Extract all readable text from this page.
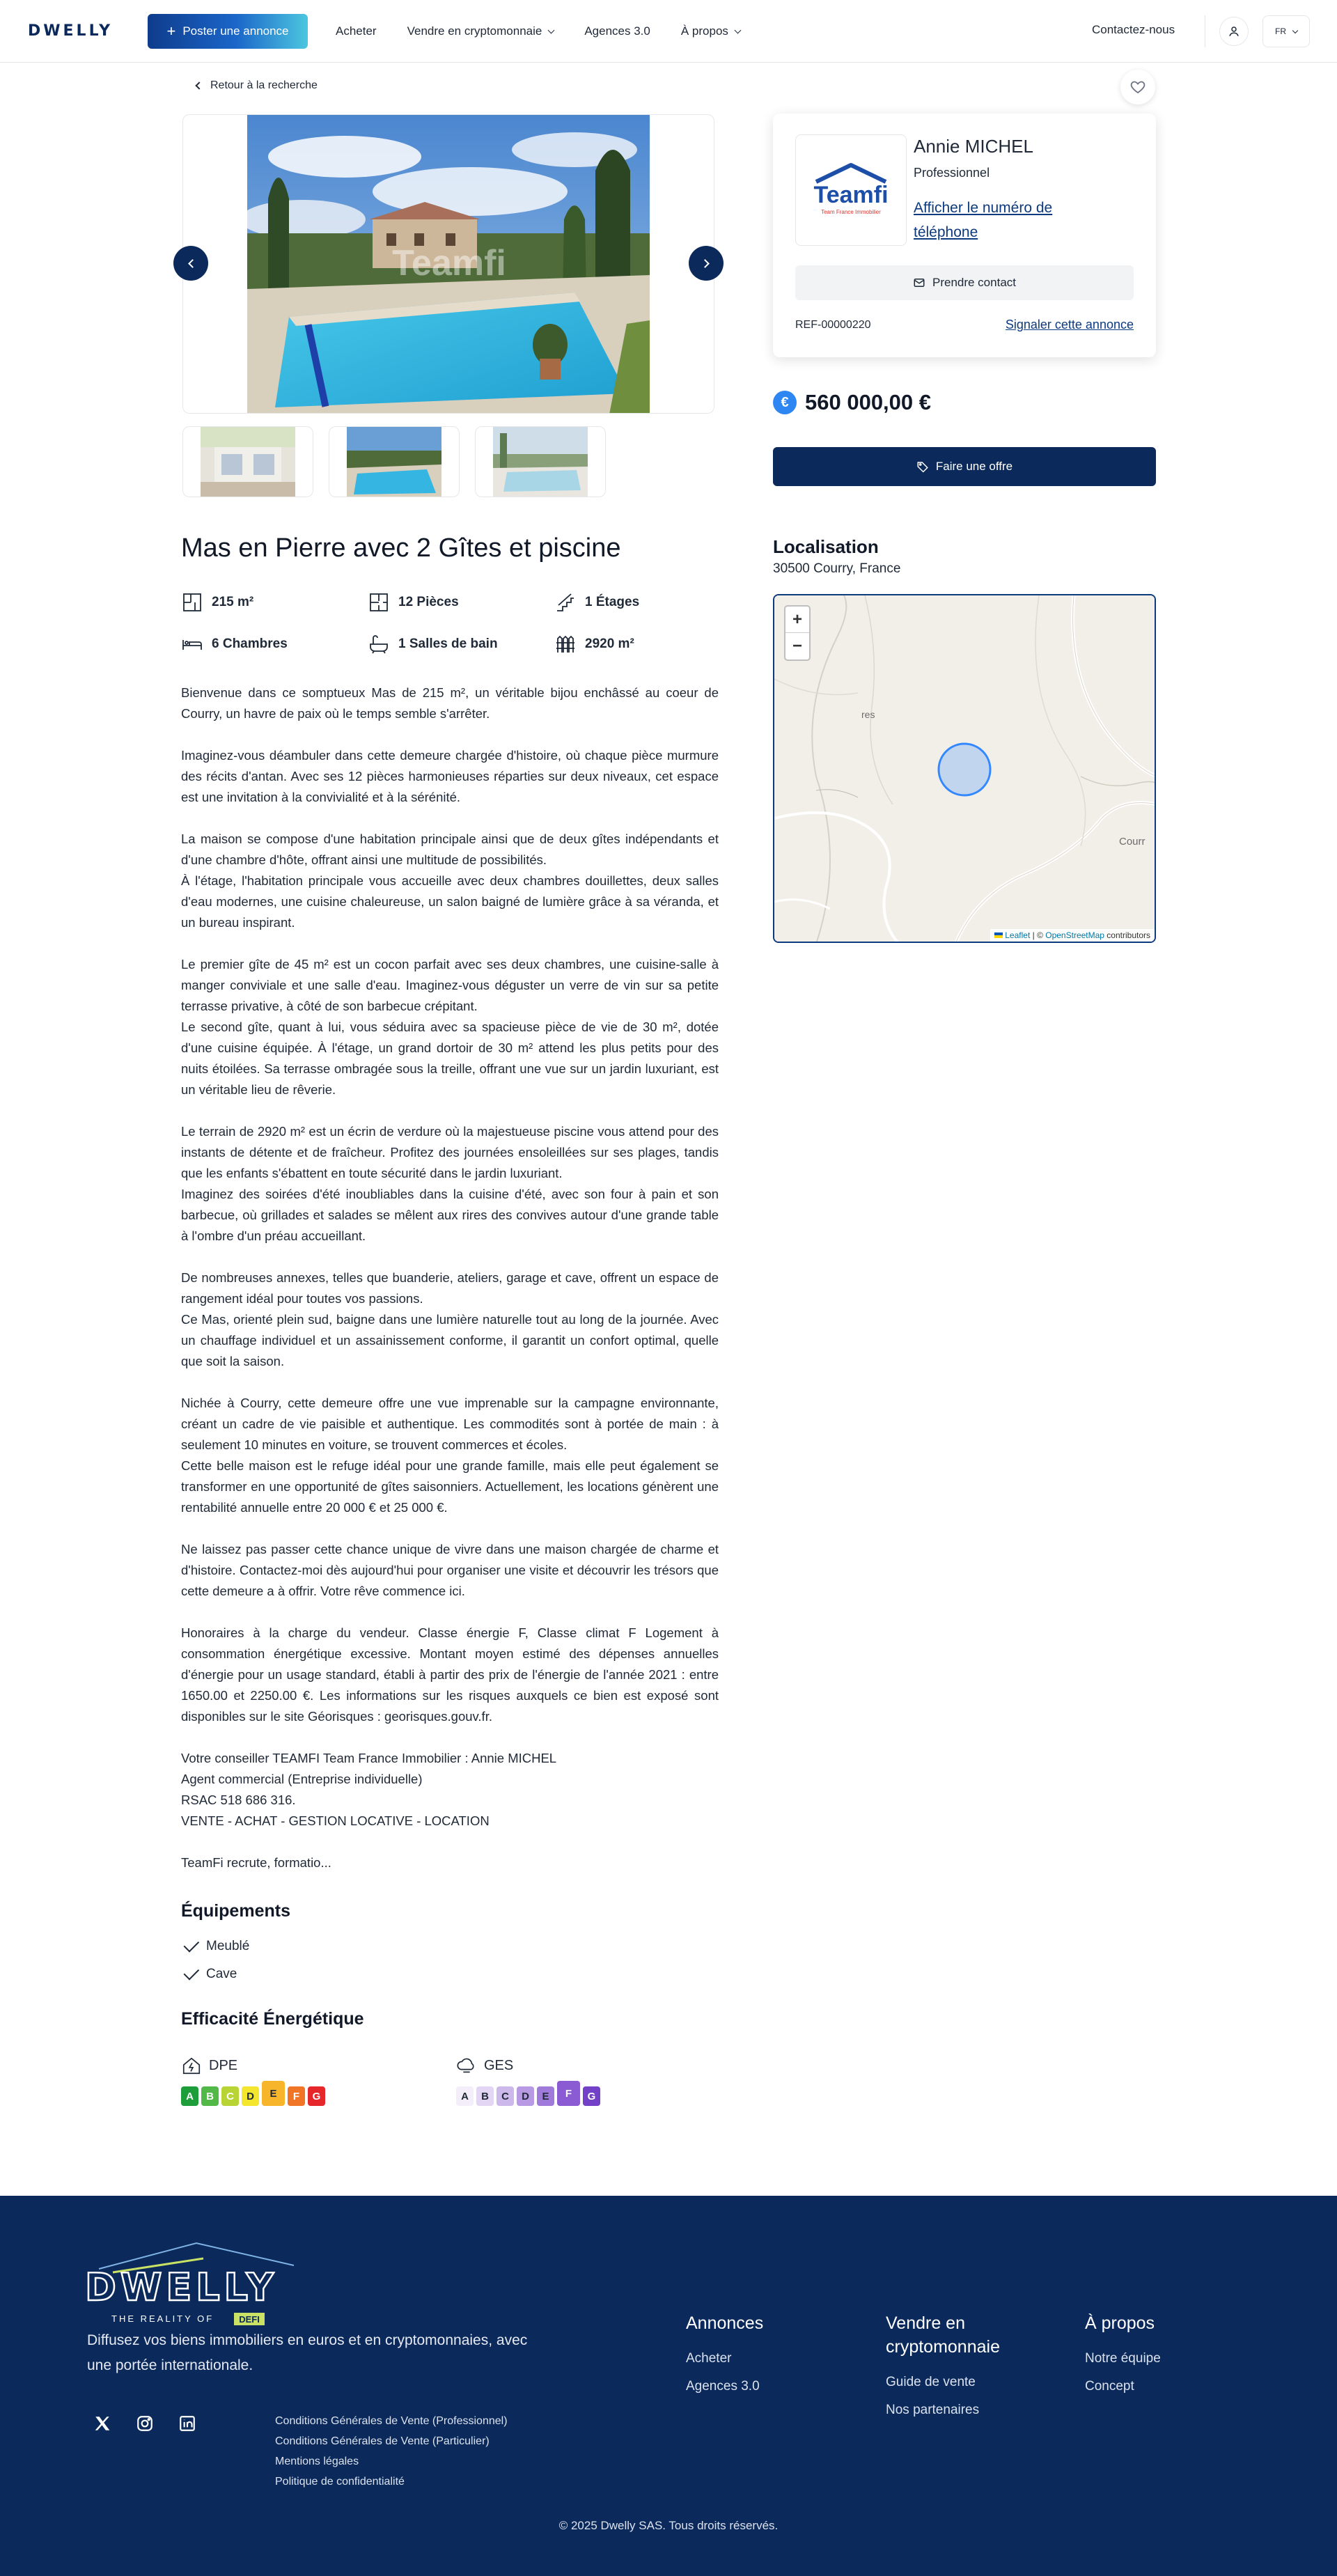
DWELLY	+ Poster une annonce	Acheter	Vendre en cryptomonnaie	Agences 3.0	À propos	Contactez-nous	FR
Retour à la recherche
Teamfi
Teamfi
Team France Immobilier
Annie MICHEL
Professionnel
Afficher le numéro de téléphone
Prendre contact
REF-00000220	Signaler cette annonce
€ 560 000,00 €
Faire une offre
Mas en Pierre avec 2 Gîtes et piscine
215 m²	12 Pièces	1 Étages
6 Chambres	1 Salles de bain	2920 m²

Bienvenue dans ce somptueux Mas de 215 m², un véritable bijou enchâssé au coeur de Courry, un havre de paix où le temps semble s'arrêter.

Imaginez-vous déambuler dans cette demeure chargée d'histoire, où chaque pièce murmure des récits d'antan. Avec ses 12 pièces harmonieuses réparties sur deux niveaux, cet espace est une invitation à la convivialité et à la sérénité.

La maison se compose d'une habitation principale ainsi que de deux gîtes indépendants et d'une chambre d'hôte, offrant ainsi une multitude de possibilités.
À l'étage, l'habitation principale vous accueille avec deux chambres douillettes, deux salles d'eau modernes, une cuisine chaleureuse, un salon baigné de lumière grâce à sa véranda, et un bureau inspirant.

Le premier gîte de 45 m² est un cocon parfait avec ses deux chambres, une cuisine-salle à manger conviviale et une salle d'eau. Imaginez-vous déguster un verre de vin sur sa petite terrasse privative, à côté de son barbecue crépitant.
Le second gîte, quant à lui, vous séduira avec sa spacieuse pièce de vie de 30 m², dotée d'une cuisine équipée. À l'étage, un grand dortoir de 30 m² attend les plus petits pour des nuits étoilées. Sa terrasse ombragée sous la treille, offrant une vue sur un jardin luxuriant, est un véritable lieu de rêverie.

Le terrain de 2920 m² est un écrin de verdure où la majestueuse piscine vous attend pour des instants de détente et de fraîcheur. Profitez des journées ensoleillées sur ses plages, tandis que les enfants s'ébattent en toute sécurité dans le jardin luxuriant.
Imaginez des soirées d'été inoubliables dans la cuisine d'été, avec son four à pain et son barbecue, où grillades et salades se mêlent aux rires des convives autour d'une grande table à l'ombre d'un préau accueillant.

De nombreuses annexes, telles que buanderie, ateliers, garage et cave, offrent un espace de rangement idéal pour toutes vos passions.
Ce Mas, orienté plein sud, baigne dans une lumière naturelle tout au long de la journée. Avec un chauffage individuel et un assainissement conforme, il garantit un confort optimal, quelle que soit la saison.

Nichée à Courry, cette demeure offre une vue imprenable sur la campagne environnante, créant un cadre de vie paisible et authentique. Les commodités sont à portée de main : à seulement 10 minutes en voiture, se trouvent commerces et écoles.
Cette belle maison est le refuge idéal pour une grande famille, mais elle peut également se transformer en une opportunité de gîtes saisonniers. Actuellement, les locations génèrent une rentabilité annuelle entre 20 000 € et 25 000 €.

Ne laissez pas passer cette chance unique de vivre dans une maison chargée de charme et d'histoire. Contactez-moi dès aujourd'hui pour organiser une visite et découvrir les trésors que cette demeure a à offrir. Votre rêve commence ici.

Honoraires à la charge du vendeur. Classe énergie F, Classe climat F Logement à consommation énergétique excessive. Montant moyen estimé des dépenses annuelles d'énergie pour un usage standard, établi à partir des prix de l'énergie de l'année 2021 : entre 1650.00 et 2250.00 €. Les informations sur les risques auxquels ce bien est exposé sont disponibles sur le site Géorisques : georisques.gouv.fr.

Votre conseiller TEAMFI Team France Immobilier : Annie MICHEL
Agent commercial (Entreprise individuelle)
RSAC 518 686 316.
VENTE - ACHAT - GESTION LOCATIVE - LOCATION

TeamFi recrute, formatio...

Équipements
Meublé
Cave
Efficacité Énergétique
DPE
A	B	C	D	E	F	G
GES
A	B	C	D	E	F	G
Localisation
30500 Courry, France
res
Courr
+
−
Leaflet | © OpenStreetMap contributors
DWELLY
THE REALITY OF	DEFI
Diffusez vos biens immobiliers en euros et en cryptomonnaies, avec une portée internationale.
Conditions Générales de Vente (Professionnel)
Conditions Générales de Vente (Particulier)
Mentions légales
Politique de confidentialité
Annonces
Acheter
Agences 3.0
Vendre en cryptomonnaie
Guide de vente
Nos partenaires
À propos
Notre équipe
Concept
© 2025 Dwelly SAS. Tous droits réservés.
